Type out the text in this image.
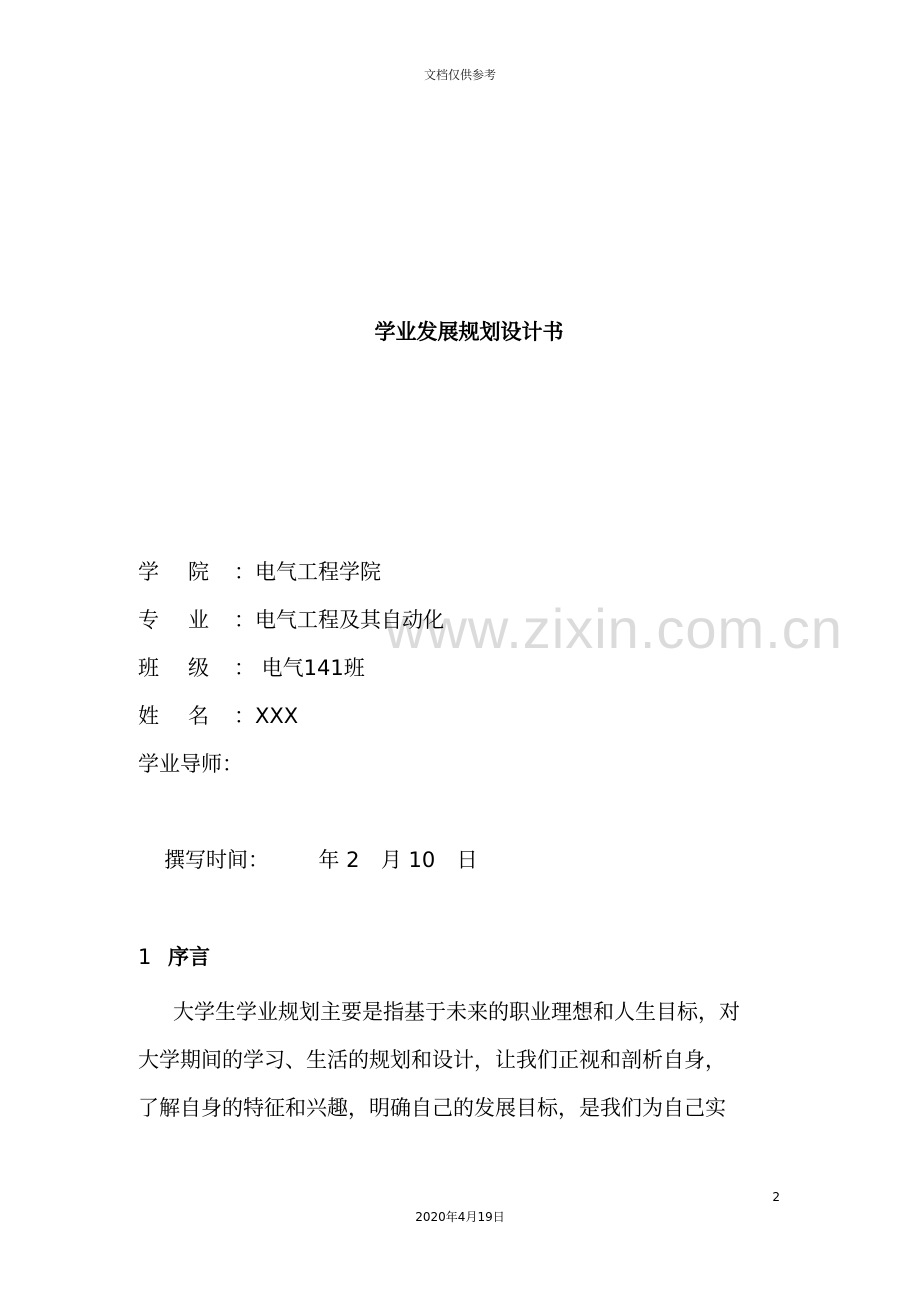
文档仅供参考
学业发展规划设计书
www.zixin.com.cn
学 院 ：电气工程学院
专 业 ：电气工程及其自动化
班 级 ： 电气141班
姓 名 ：XXX
学业导师：
撰写时间： 年 2 月 10 日
1 序言
大学生学业规划主要是指基于未来的职业理想和人生目标，对
大学期间的学习、生活的规划和设计，让我们正视和剖析自身，
了解自身的特征和兴趣，明确自己的发展目标，是我们为自己实
2
2020年4月19日
